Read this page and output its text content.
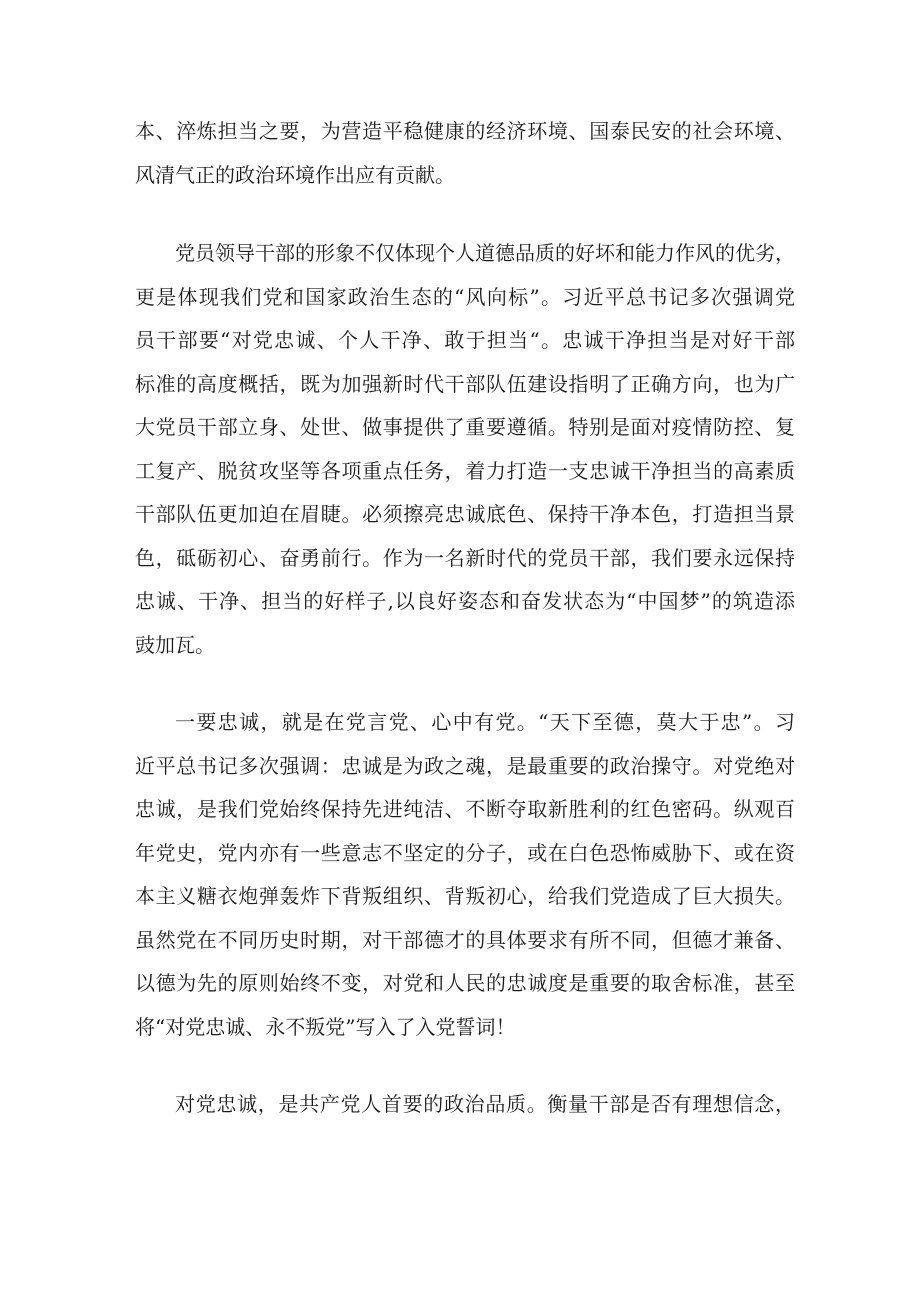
本、淬炼担当之要，为营造平稳健康的经济环境、国泰民安的社会环境、
风清气正的政治环境作出应有贡献。
党员领导干部的形象不仅体现个人道德品质的好坏和能力作风的优劣，
更是体现我们党和国家政治生态的“风向标”。习近平总书记多次强调党
员干部要“对党忠诚、个人干净、敢于担当“。忠诚干净担当是对好干部
标准的高度概括，既为加强新时代干部队伍建设指明了正确方向，也为广
大党员干部立身、处世、做事提供了重要遵循。特别是面对疫情防控、复
工复产、脱贫攻坚等各项重点任务，着力打造一支忠诚干净担当的高素质
干部队伍更加迫在眉睫。必须擦亮忠诚底色、保持干净本色，打造担当景
色，砥砺初心、奋勇前行。作为一名新时代的党员干部，我们要永远保持
忠诚、干净、担当的好样子,以良好姿态和奋发状态为“中国梦”的筑造添
豉加瓦。
一要忠诚，就是在党言党、心中有党。“天下至德，莫大于忠”。习
近平总书记多次强调：忠诚是为政之魂，是最重要的政治操守。对党绝对
忠诚，是我们党始终保持先进纯洁、不断夺取新胜利的红色密码。纵观百
年党史，党内亦有一些意志不坚定的分子，或在白色恐怖威胁下、或在资
本主义糖衣炮弹轰炸下背叛组织、背叛初心，给我们党造成了巨大损失。
虽然党在不同历史时期，对干部德才的具体要求有所不同，但德才兼备、
以德为先的原则始终不变，对党和人民的忠诚度是重要的取舍标准，甚至
将“对党忠诚、永不叛党”写入了入党誓词！
对党忠诚，是共产党人首要的政治品质。衡量干部是否有理想信念，
